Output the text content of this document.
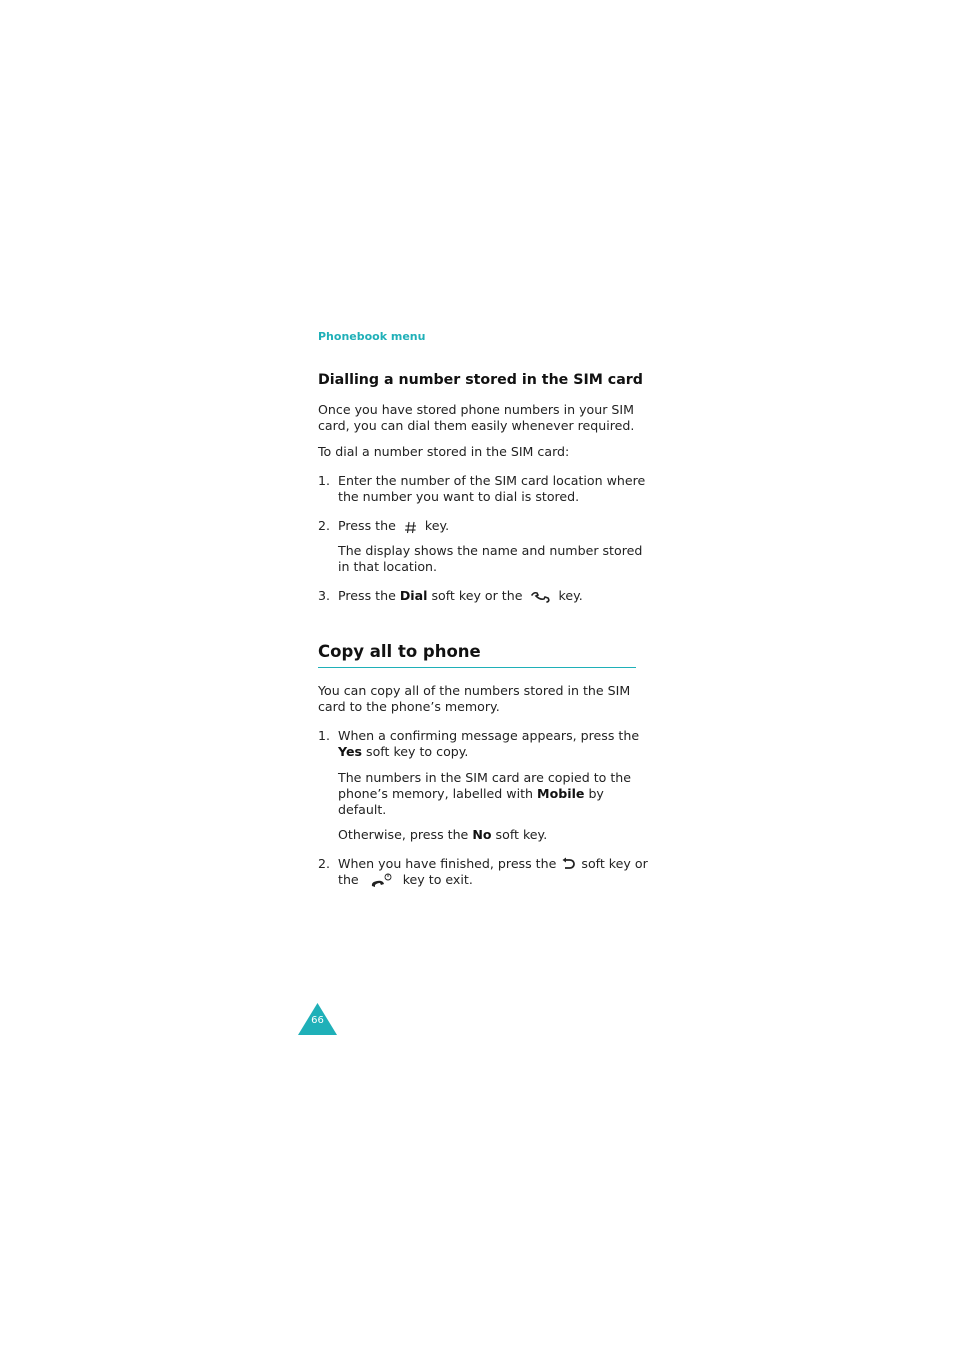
Phonebook menu
Dialling a number stored in the SIM card
Once you have stored phone numbers in your SIM
card, you can dial them easily whenever required.
To dial a number stored in the SIM card:
1. Enter the number of the SIM card location where
the number you want to dial is stored.
2. Press the key.
The display shows the name and number stored
in that location.
3. Press the Dial soft key or the	key.
Copy all to phone
You can copy all of the numbers stored in the SIM
card to the phone’s memory.
1. When a confirming message appears, press the
Yes soft key to copy.
The numbers in the SIM card are copied to the
phone’s memory, labelled with Mobile by
default.
Otherwise, press the No soft key.
2. When you have finished, press the soft key or
the	key to exit.
66
